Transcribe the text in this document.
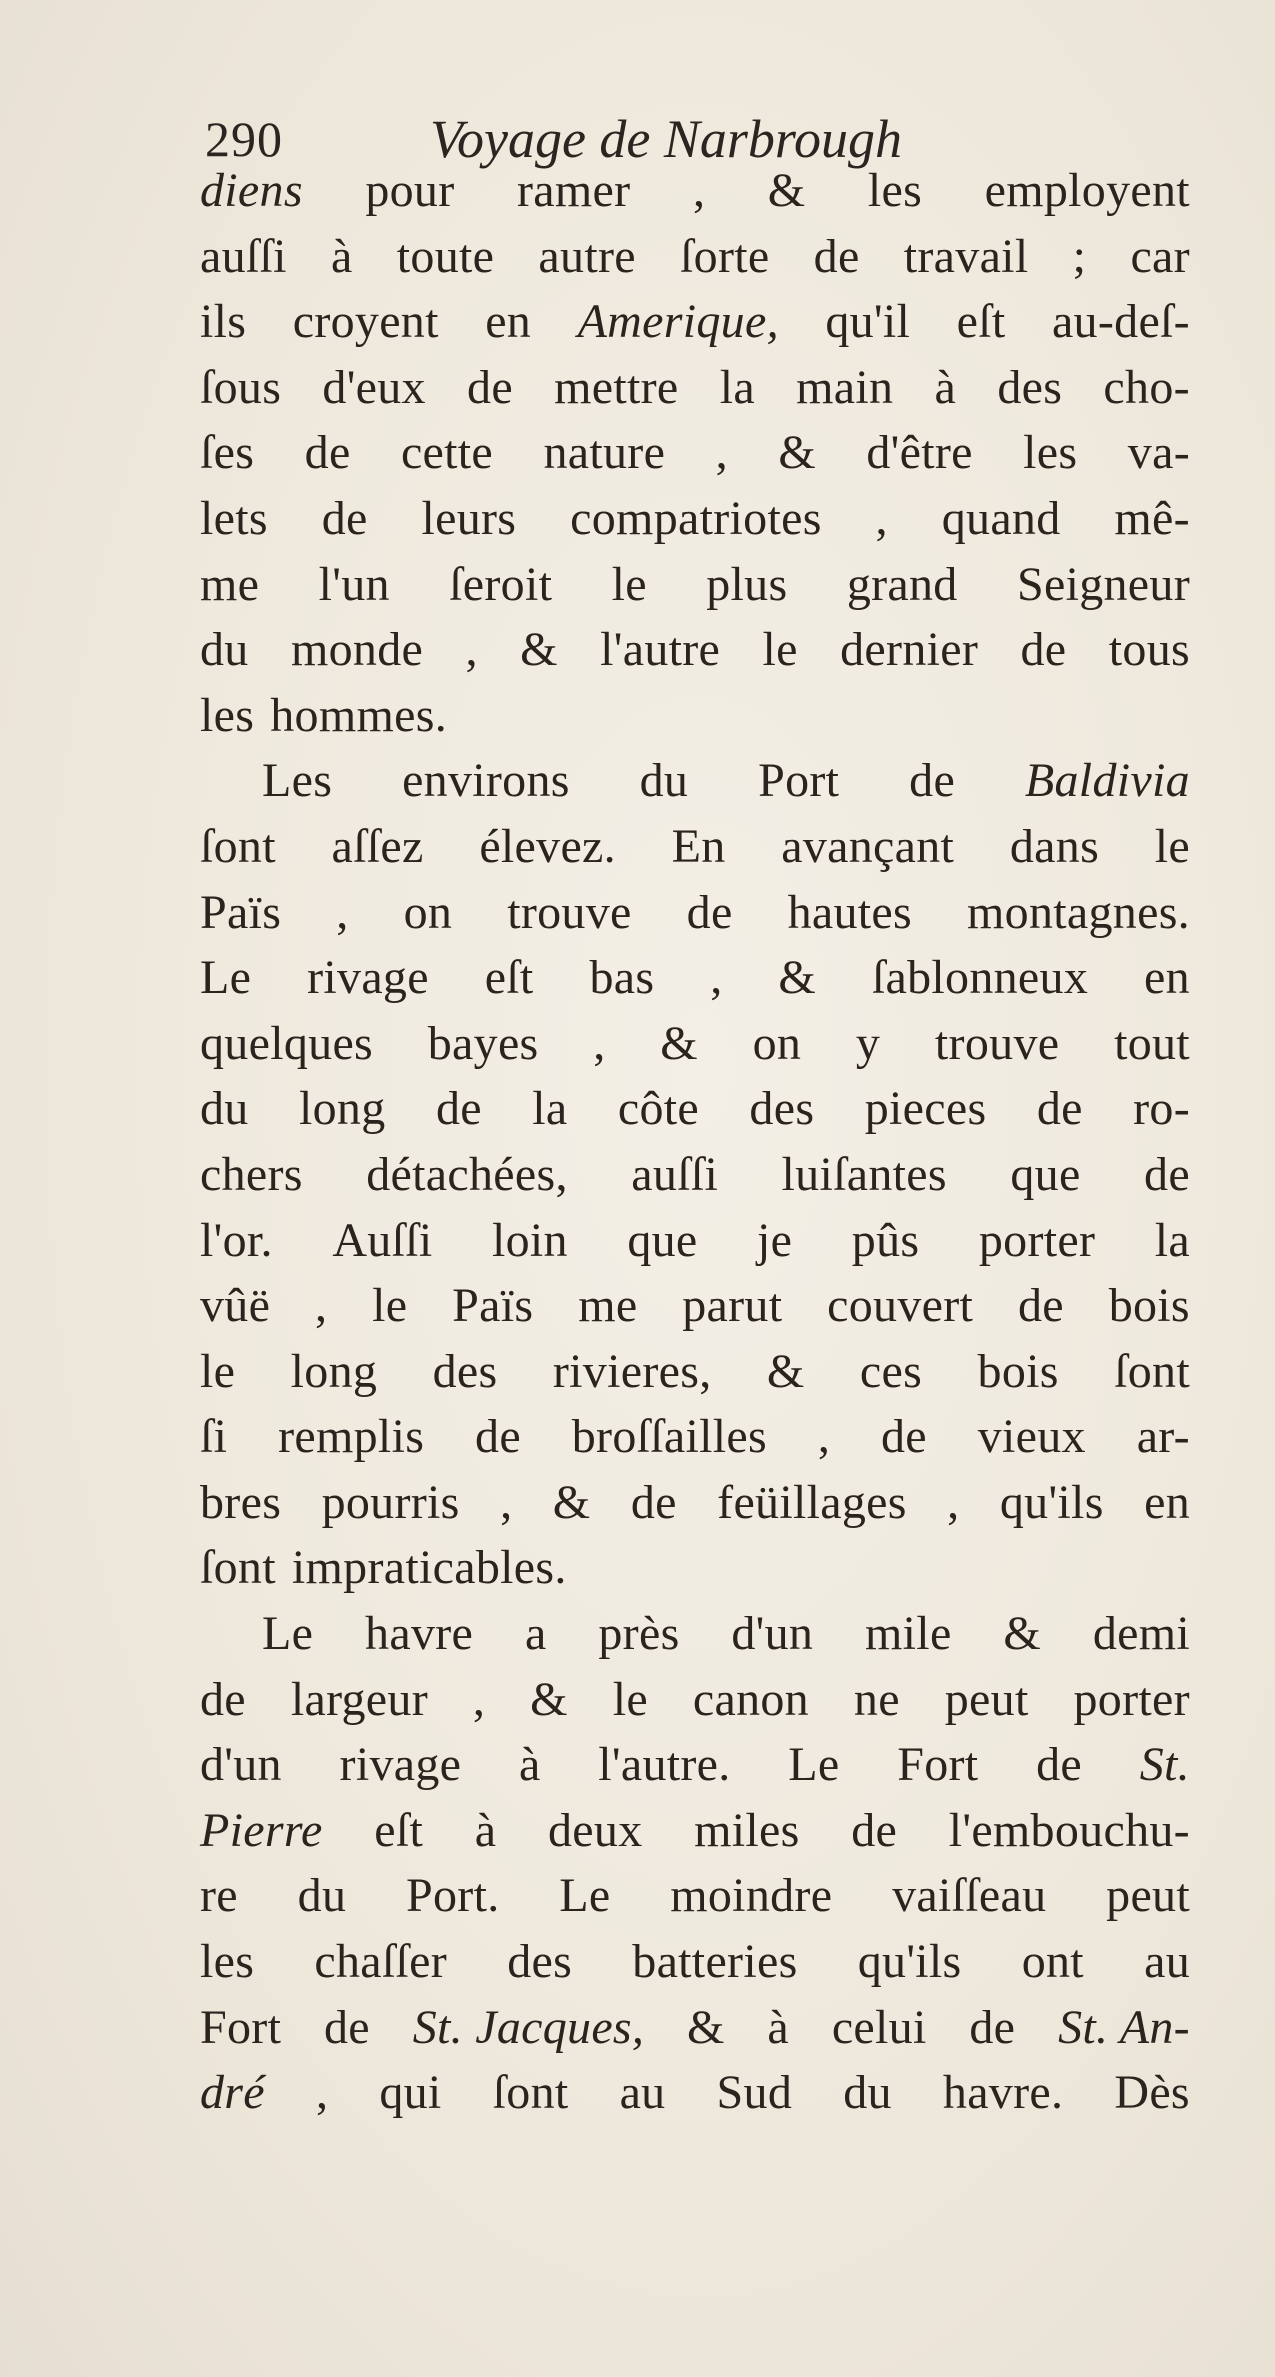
290	Voyage de Narbrough
diens pour ramer , & les employent
auſſi à toute autre ſorte de travail ; car
ils croyent en Amerique, qu'il eſt au-deſ-
ſous d'eux de mettre la main à des cho-
ſes de cette nature , & d'être les va-
lets de leurs compatriotes , quand mê-
me l'un ſeroit le plus grand Seigneur
du monde , & l'autre le dernier de tous
les hommes.
Les environs du Port de Baldivia
ſont aſſez élevez. En avançant dans le
Païs , on trouve de hautes montagnes.
Le rivage eſt bas , & ſablonneux en
quelques bayes , & on y trouve tout
du long de la côte des pieces de ro-
chers détachées, auſſi luiſantes que de
l'or. Auſſi loin que je pûs porter la
vûë , le Païs me parut couvert de bois
le long des rivieres, & ces bois ſont
ſi remplis de broſſailles , de vieux ar-
bres pourris , & de feüillages , qu'ils en
ſont impraticables.
Le havre a près d'un mile & demi
de largeur , & le canon ne peut porter
d'un rivage à l'autre. Le Fort de St.
Pierre eſt à deux miles de l'embouchu-
re du Port. Le moindre vaiſſeau peut
les chaſſer des batteries qu'ils ont au
Fort de St. Jacques, & à celui de St. An-
dré , qui ſont au Sud du havre. Dès
